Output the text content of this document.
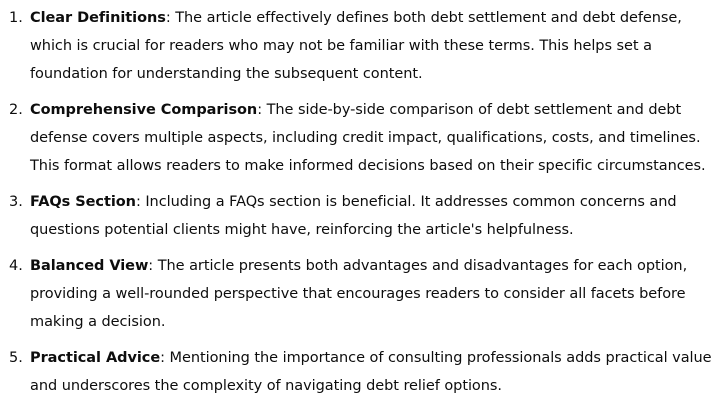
1. Clear Definitions: The article effectively defines both debt settlement and debt defense, which is crucial for readers who may not be familiar with these terms. This helps set a foundation for understanding the subsequent content.
2. Comprehensive Comparison: The side-by-side comparison of debt settlement and debt defense covers multiple aspects, including credit impact, qualifications, costs, and timelines. This format allows readers to make informed decisions based on their specific circumstances.
3. FAQs Section: Including a FAQs section is beneficial. It addresses common concerns and questions potential clients might have, reinforcing the article's helpfulness.
4. Balanced View: The article presents both advantages and disadvantages for each option, providing a well-rounded perspective that encourages readers to consider all facets before making a decision.
5. Practical Advice: Mentioning the importance of consulting professionals adds practical value and underscores the complexity of navigating debt relief options.
